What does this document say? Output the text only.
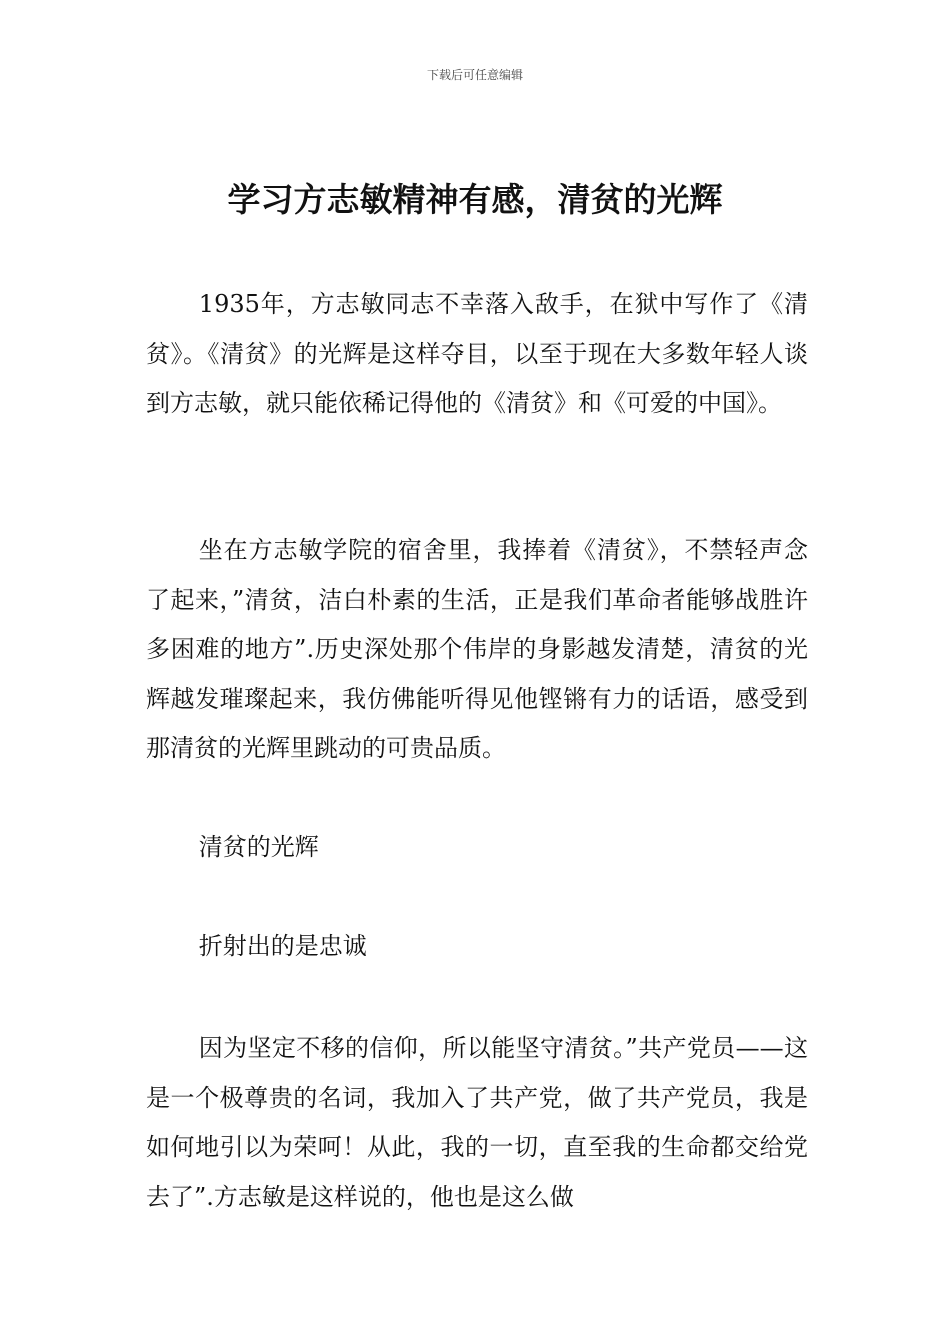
下载后可任意编辑
学习方志敏精神有感，清贫的光辉

1935年，方志敏同志不幸落入敌手，在狱中写作了《清贫》。《清贫》的光辉是这样夺目，以至于现在大多数年轻人谈到方志敏，就只能依稀记得他的《清贫》和《可爱的中国》。

坐在方志敏学院的宿舍里，我捧着《清贫》，不禁轻声念了起来，”清贫，洁白朴素的生活，正是我们革命者能够战胜许多困难的地方”.历史深处那个伟岸的身影越发清楚，清贫的光辉越发璀璨起来，我仿佛能听得见他铿锵有力的话语，感受到那清贫的光辉里跳动的可贵品质。

清贫的光辉

折射出的是忠诚

因为坚定不移的信仰，所以能坚守清贫。”共产党员——这是一个极尊贵的名词，我加入了共产党，做了共产党员，我是如何地引以为荣呵！从此，我的一切，直至我的生命都交给党去了”.方志敏是这样说的，他也是这么做
